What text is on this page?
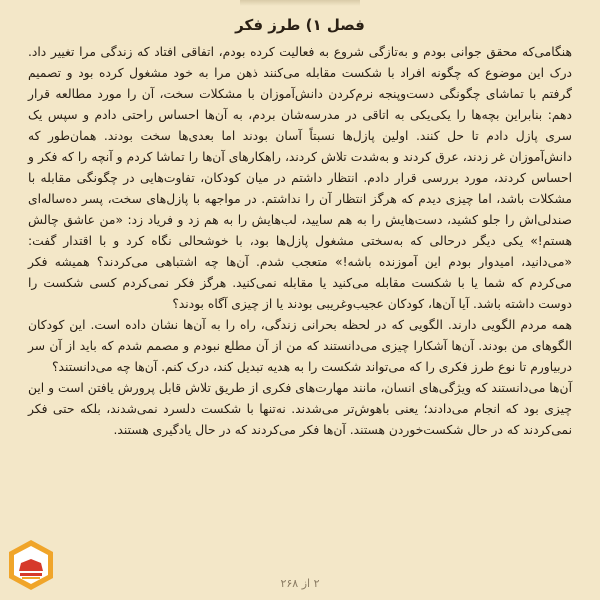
فصل ۱) طرز فکر

هنگامی‌که محقق جوانی بودم و به‌تازگی شروع به فعالیت کرده بودم، اتفاقی افتاد که زندگی مرا تغییر داد. درک این موضوع که چگونه افراد با شکست مقابله می‌کنند ذهن مرا به خود مشغول کرده بود و تصمیم گرفتم با تماشای چگونگی دست‌وپنجه نرم‌کردن دانش‌آموزان با مشکلات سخت، آن را مورد مطالعه قرار دهم: بنابراین بچه‌ها را یکی‌یکی به اتاقی در مدرسه‌شان بردم، به آن‌ها احساس راحتی دادم و سپس یک سری پازل دادم تا حل کنند. اولین پازل‌ها نسبتاً آسان بودند اما بعدی‌ها سخت بودند. همان‌طور که دانش‌آموزان غر زدند، عرق کردند و به‌شدت تلاش کردند، راهکارهای آن‌ها را تماشا کردم و آنچه را که فکر و احساس کردند، مورد بررسی قرار دادم. انتظار داشتم در میان کودکان، تفاوت‌هایی در چگونگی مقابله با مشکلات باشد، اما چیزی دیدم که هرگز انتظار آن را نداشتم. در مواجهه با پازل‌های سخت، پسر ده‌ساله‌ای صندلی‌اش را جلو کشید، دست‌هایش را به هم سایید، لب‌هایش را به هم زد و فریاد زد: «من عاشق چالش هستم!» یکی دیگر درحالی که به‌سختی مشغول پازل‌ها بود، با خوشحالی نگاه کرد و با اقتدار گفت: «می‌دانید، امیدوار بودم این آموزنده باشه!» متعجب شدم. آن‌ها چه اشتباهی می‌کردند؟ همیشه فکر می‌کردم که شما یا با شکست مقابله می‌کنید یا مقابله نمی‌کنید. هرگز فکر نمی‌کردم کسی شکست را دوست داشته باشد. آیا آن‌ها، کودکان عجیب‌وغریبی بودند یا از چیزی آگاه بودند؟

همه مردم الگویی دارند. الگویی که در لحظه بحرانی زندگی، راه را به آن‌ها نشان داده است. این کودکان الگوهای من بودند. آن‌ها آشکارا چیزی می‌دانستند که من از آن مطلع نبودم و مصمم شدم که باید از آن سر دربیاورم تا نوع طرز فکری را که می‌تواند شکست را به هدیه تبدیل کند، درک کنم. آن‌ها چه می‌دانستند؟

آن‌ها می‌دانستند که ویژگی‌های انسان، مانند مهارت‌های فکری از طریق تلاش قابل پرورش یافتن است و این چیزی بود که انجام می‌دادند؛ یعنی باهوش‌تر می‌شدند. نه‌تنها با شکست دلسرد نمی‌شدند، بلکه حتی فکر نمی‌کردند که در حال شکست‌خوردن هستند. آن‌ها فکر می‌کردند که در حال یادگیری هستند.

۲ از ۲۶۸
